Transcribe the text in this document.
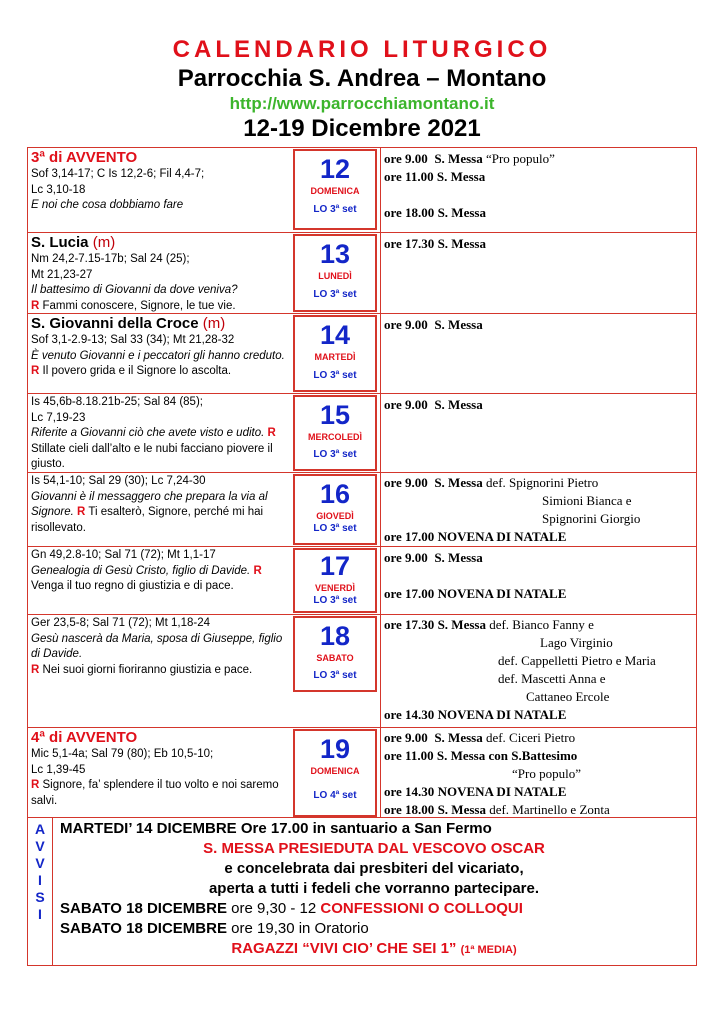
CALENDARIO LITURGICO
Parrocchia S. Andrea – Montano
http://www.parrocchiamontano.it
12-19 Dicembre 2021
3ª di AVVENTO
Sof 3,14-17; C Is 12,2-6; Fil 4,4-7;
Lc 3,10-18
E noi che cosa dobbiamo fare
12
DOMENICA
LO 3ª set
ore 9.00 S. Messa “Pro populo”
ore 11.00 S. Messa
ore 18.00 S. Messa
S. Lucia (m)
Nm 24,2-7.15-17b; Sal 24 (25);
Mt 21,23-27
Il battesimo di Giovanni da dove veniva?
R Fammi conoscere, Signore, le tue vie.
13
LUNEDÌ
LO 3ª set
ore 17.30 S. Messa
S. Giovanni della Croce (m)
Sof 3,1-2.9-13; Sal 33 (34); Mt 21,28-32
È venuto Giovanni e i peccatori gli hanno creduto.
R Il povero grida e il Signore lo ascolta.
14
MARTEDÌ
LO 3ª set
ore 9.00 S. Messa
Is 45,6b-8.18.21b-25; Sal 84 (85);
Lc 7,19-23
Riferite a Giovanni ciò che avete visto e udito. R Stillate cieli dall’alto e le nubi facciano piovere il giusto.
15
MERCOLEDÌ
LO 3ª set
ore 9.00 S. Messa
Is 54,1-10; Sal 29 (30); Lc 7,24-30
Giovanni è il messaggero che prepara la via al Signore. R Ti esalterò, Signore, perché mi hai risollevato.
16
GIOVEDÌ
LO 3ª set
ore 9.00 S. Messa def. Spignorini Pietro
Simioni Bianca e
Spignorini Giorgio
ore 17.00 NOVENA DI NATALE
Gn 49,2.8-10; Sal 71 (72); Mt 1,1-17
Genealogia di Gesù Cristo, figlio di Davide. R Venga il tuo regno di giustizia e di pace.
17
VENERDÌ
LO 3ª set
ore 9.00 S. Messa
ore 17.00 NOVENA DI NATALE
Ger 23,5-8; Sal 71 (72); Mt 1,18-24
Gesù nascerà da Maria, sposa di Giuseppe, figlio di Davide.
R Nei suoi giorni fioriranno giustizia e pace.
18
SABATO
LO 3ª set
ore 17.30 S. Messa def. Bianco Fanny e
Lago Virginio
def. Cappelletti Pietro e Maria
def. Mascetti Anna e
Cattaneo Ercole
ore 14.30 NOVENA DI NATALE
4ª di AVVENTO
Mic 5,1-4a; Sal 79 (80); Eb 10,5-10;
Lc 1,39-45
R Signore, fa’ splendere il tuo volto e noi saremo salvi.
19
DOMENICA
LO 4ª set
ore 9.00 S. Messa def. Ciceri Pietro
ore 11.00 S. Messa con S.Battesimo
“Pro populo”
ore 14.30 NOVENA DI NATALE
ore 18.00 S. Messa def. Martinello e Zonta
A
V
V
I
S
I
MARTEDI’ 14 DICEMBRE Ore 17.00 in santuario a San Fermo
S. MESSA PRESIEDUTA DAL VESCOVO OSCAR
e concelebrata dai presbiteri del vicariato,
aperta a tutti i fedeli che vorranno partecipare.
SABATO 18 DICEMBRE ore 9,30 - 12 CONFESSIONI O COLLOQUI
SABATO 18 DICEMBRE ore 19,30 in Oratorio
RAGAZZI “VIVI CIO’ CHE SEI 1” (1ª MEDIA)
